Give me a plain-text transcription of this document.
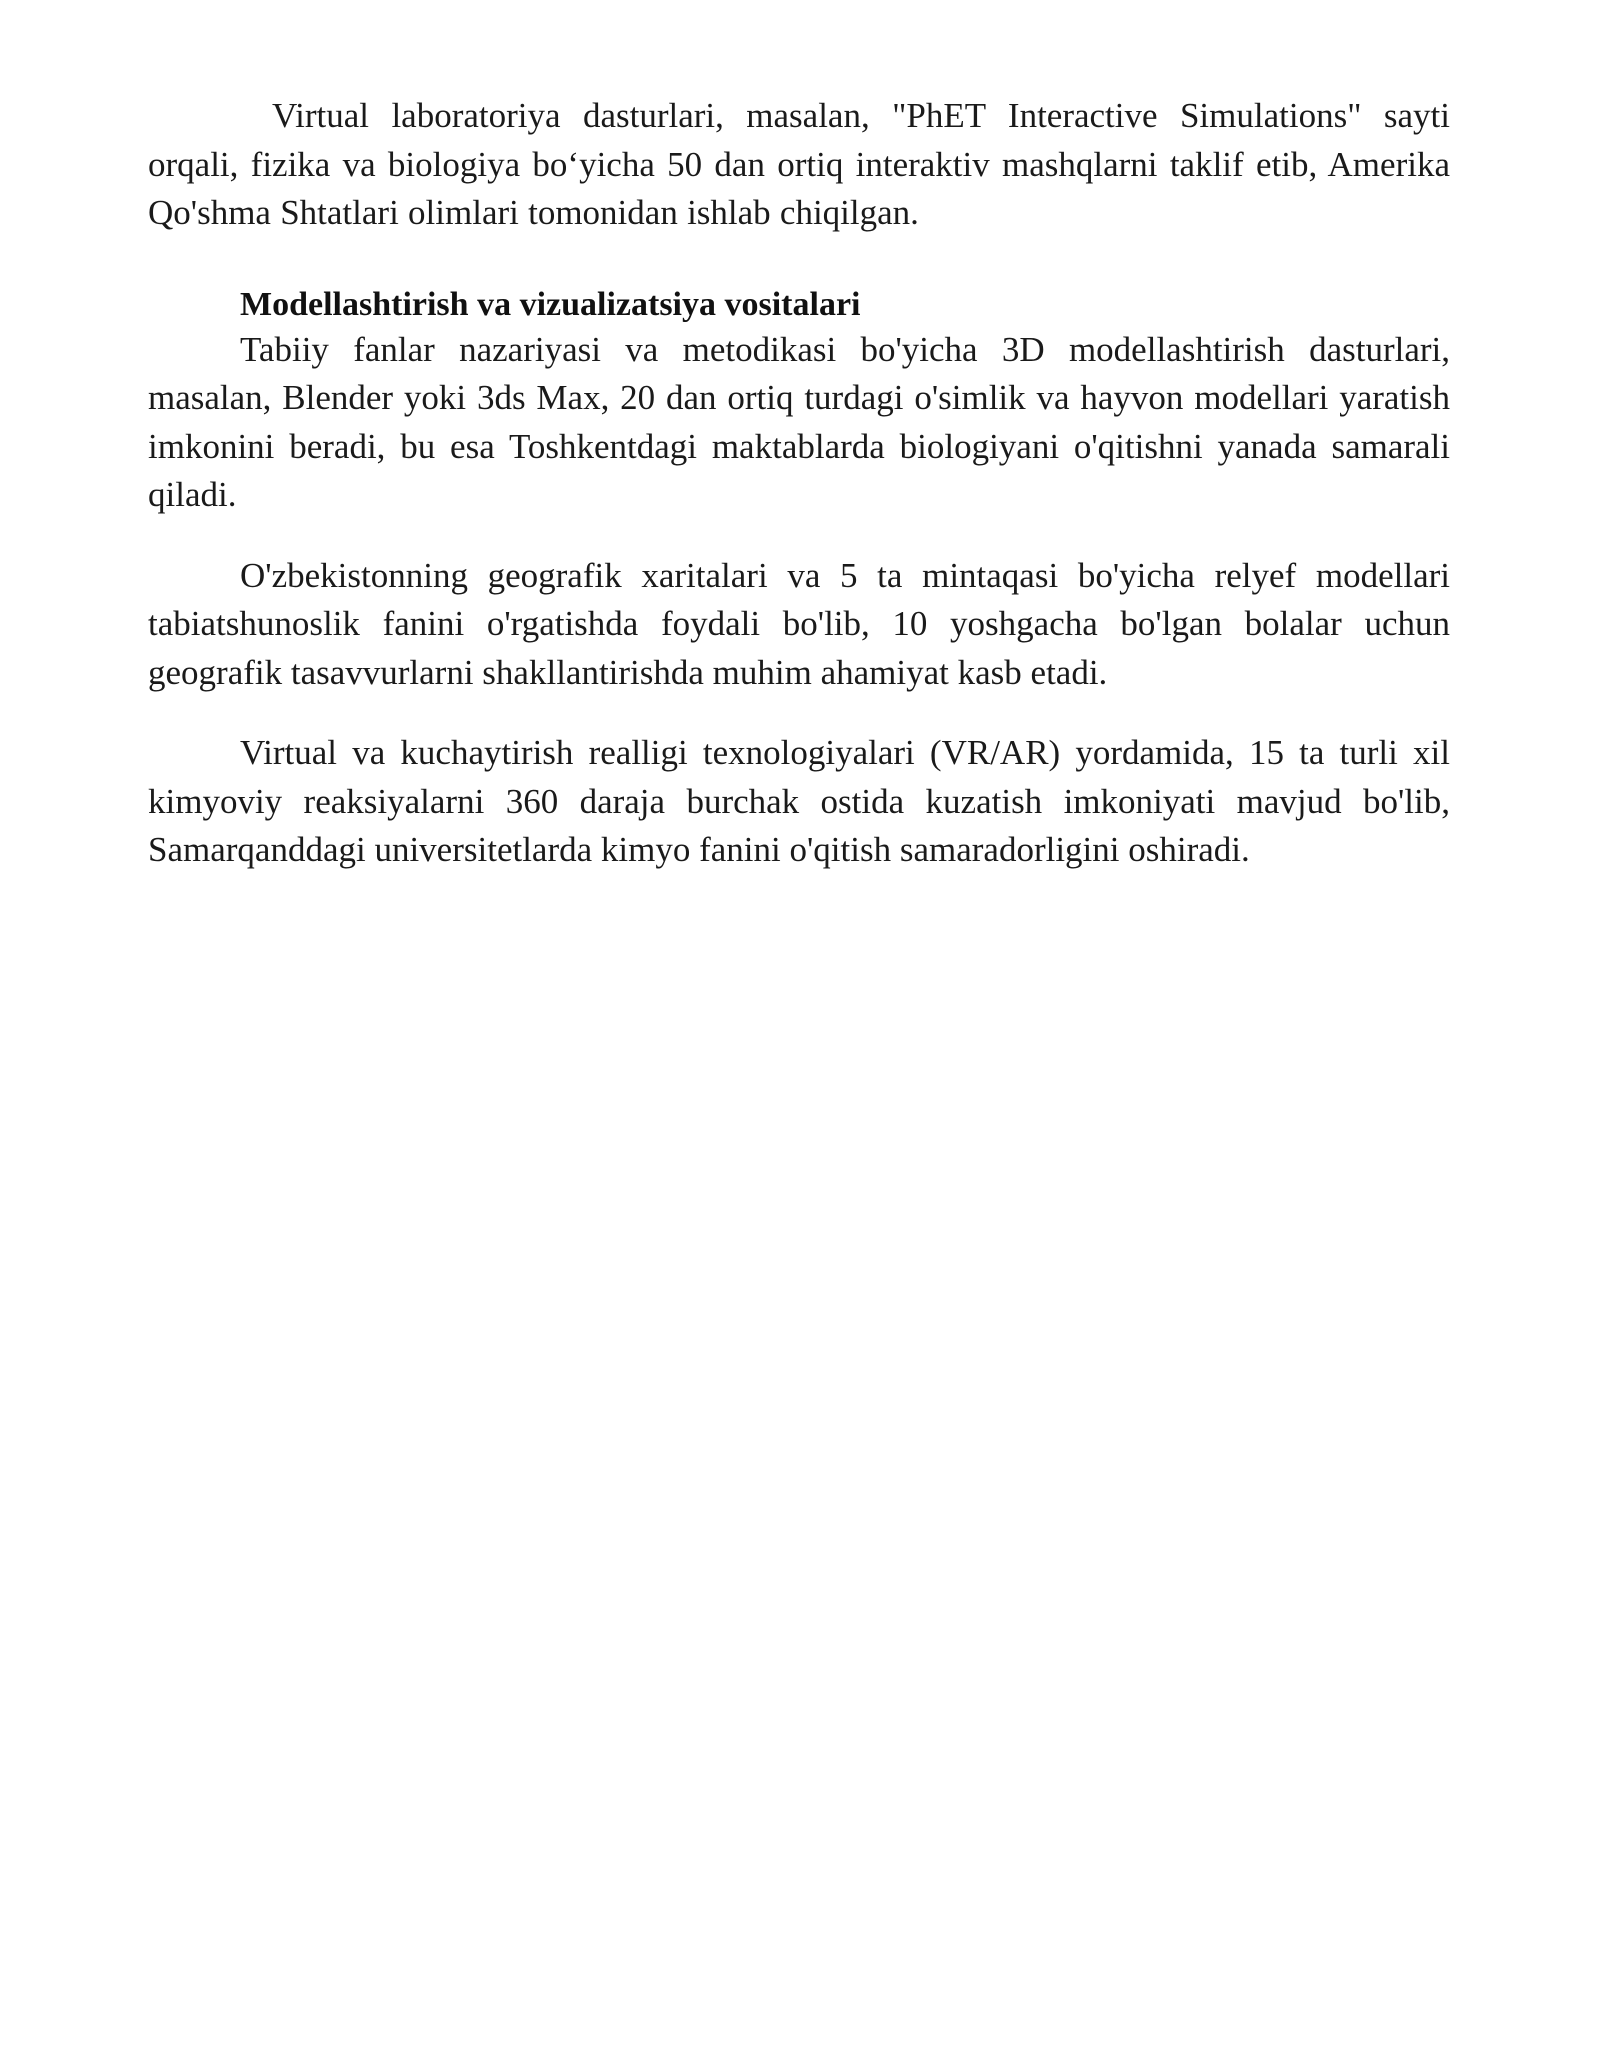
Virtual laboratoriya dasturlari, masalan, "PhET Interactive Simulations" sayti orqali, fizika va biologiya bo‘yicha 50 dan ortiq interaktiv mashqlarni taklif etib, Amerika Qo'shma Shtatlari olimlari tomonidan ishlab chiqilgan.

Modellashtirish va vizualizatsiya vositalari

Tabiiy fanlar nazariyasi va metodikasi bo'yicha 3D modellashtirish dasturlari, masalan, Blender yoki 3ds Max, 20 dan ortiq turdagi o'simlik va hayvon modellari yaratish imkonini beradi, bu esa Toshkentdagi maktablarda biologiyani o'qitishni yanada samarali qiladi.

O'zbekistonning geografik xaritalari va 5 ta mintaqasi bo'yicha relyef modellari tabiatshunoslik fanini o'rgatishda foydali bo'lib, 10 yoshgacha bo'lgan bolalar uchun geografik tasavvurlarni shakllantirishda muhim ahamiyat kasb etadi.

Virtual va kuchaytirish realligi texnologiyalari (VR/AR) yordamida, 15 ta turli xil kimyoviy reaksiyalarni 360 daraja burchak ostida kuzatish imkoniyati mavjud bo'lib, Samarqanddagi universitetlarda kimyo fanini o'qitish samaradorligini oshiradi.
